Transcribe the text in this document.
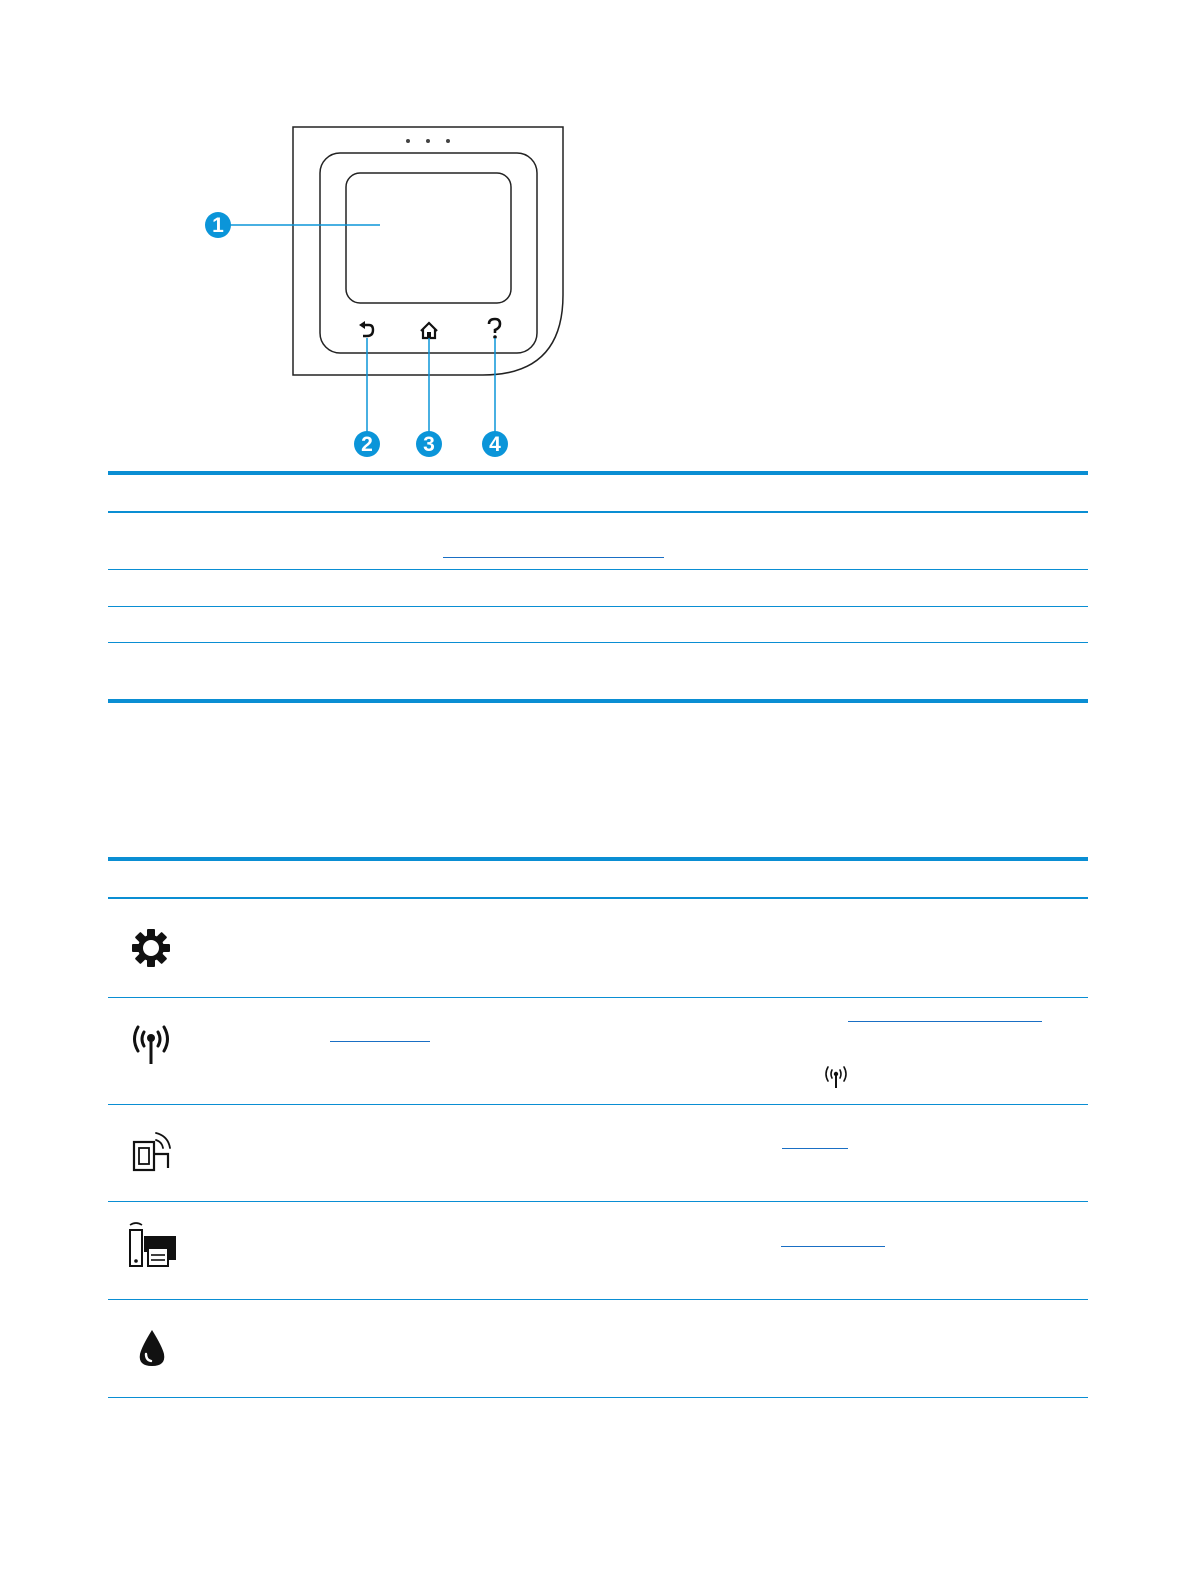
1
2 3	4
